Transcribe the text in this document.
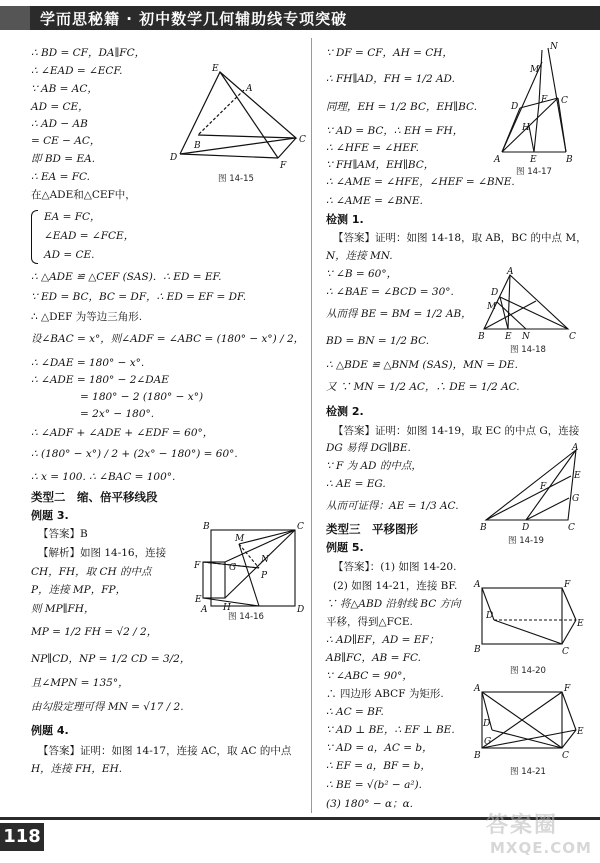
学而思秘籍 · 初中数学几何辅助线专项突破
∴ BD = CF，DA∥FC，
∴ ∠EAD = ∠ECF.
∵ AB = AC，
AD = CE，
∴ AD − AB
= CE − AC，
即 BD = EA.
∴ EA = FC.
在△ADE和△CEF中，
EA = FC，
∠EAD = ∠FCE，
AD = CE.
∴ △ADE ≌ △CEF (SAS)．∴ ED = EF.
∵ ED = BC，BC = DF，∴ ED = EF = DF.
∴ △DEF 为等边三角形.
设∠BAC = x°，则∠ADF = ∠ABC = (180° − x°) / 2，
∴ ∠DAE = 180° − x°.
∴ ∠ADE = 180° − 2∠DAE
= 180° − 2 (180° − x°)
= 2x° − 180°.
∴ ∠ADF + ∠ADE + ∠EDF = 60°，
∴ (180° − x°) / 2 + (2x° − 180°) = 60°.
∴ x = 100. ∴ ∠BAC = 100°.
类型二　缩、倍平移线段
例题 3.
【答案】B
【解析】如图 14-16，连接
CH，FH，取 CH 的中点
P，连接 MP，FP，
则 MP∥FH，
MP = 1/2 FH = √2 / 2，
NP∥CD，NP = 1/2 CD = 3/2，
且∠MPN = 135°，
由勾股定理可得 MN = √17 / 2.
例题 4.
【答案】证明：如图 14-17，连接 AC，取 AC 的中点
H，连接 FH，EH.
E
A
B
C
D
F
图 14-15
B	C
M
N
G
P
F
E
A H	D
图 14-16
∵ DF = CF，AH = CH，
∴ FH∥AD，FH = 1/2 AD.
同理，EH = 1/2 BC，EH∥BC.
∵ AD = BC，∴ EH = FH，
∴ ∠HFE = ∠HEF.
∵ FH∥AM，EH∥BC，
∴ ∠AME = ∠HFE，∠HEF = ∠BNE.
∴ ∠AME = ∠BNE.
检测 1.
【答案】证明：如图 14-18，取 AB，BC 的中点 M，
N，连接 MN.
∵ ∠B = 60°，
∴ ∠BAE = ∠BCD = 30°.
从而得 BE = BM = 1/2 AB，
BD = BN = 1/2 BC.
∴ △BDE ≌ △BNM (SAS)，MN = DE.
又 ∵ MN = 1/2 AC，∴ DE = 1/2 AC.
检测 2.
【答案】证明：如图 14-19，取 EC 的中点 G，连接
DG 易得 DG∥BE.
∵ F 为 AD 的中点，
∴ AE = EG.
从而可证得：AE = 1/3 AC.
类型三　平移图形
例题 5.
【答案】：(1) 如图 14-20.
(2) 如图 14-21，连接 BF.
∵ 将△ABD 沿射线 BC 方向
平移，得到△FCE.
∴ AD∥EF，AD = EF；
AB∥FC，AB = FC.
∵ ∠ABC = 90°，
∴ 四边形 ABCF 为矩形.
∴ AC = BF.
∵ AD ⊥ BE，∴ EF ⊥ BE.
∵ AD = a，AC = b，
∴ EF = a，BF = b，
∴ BE = √(b² − a²).
(3) 180° − α；α.
N
M
D
F C
H
A	E	B
图 14-17
A
D
M
B E N	C
图 14-18
A
E
F
G
B	D	C
图 14-19
A	F
D
B	C
E
图 14-20
A	F
D
G
B	C
E
图 14-21
118	答案圈
MXQE.COM
